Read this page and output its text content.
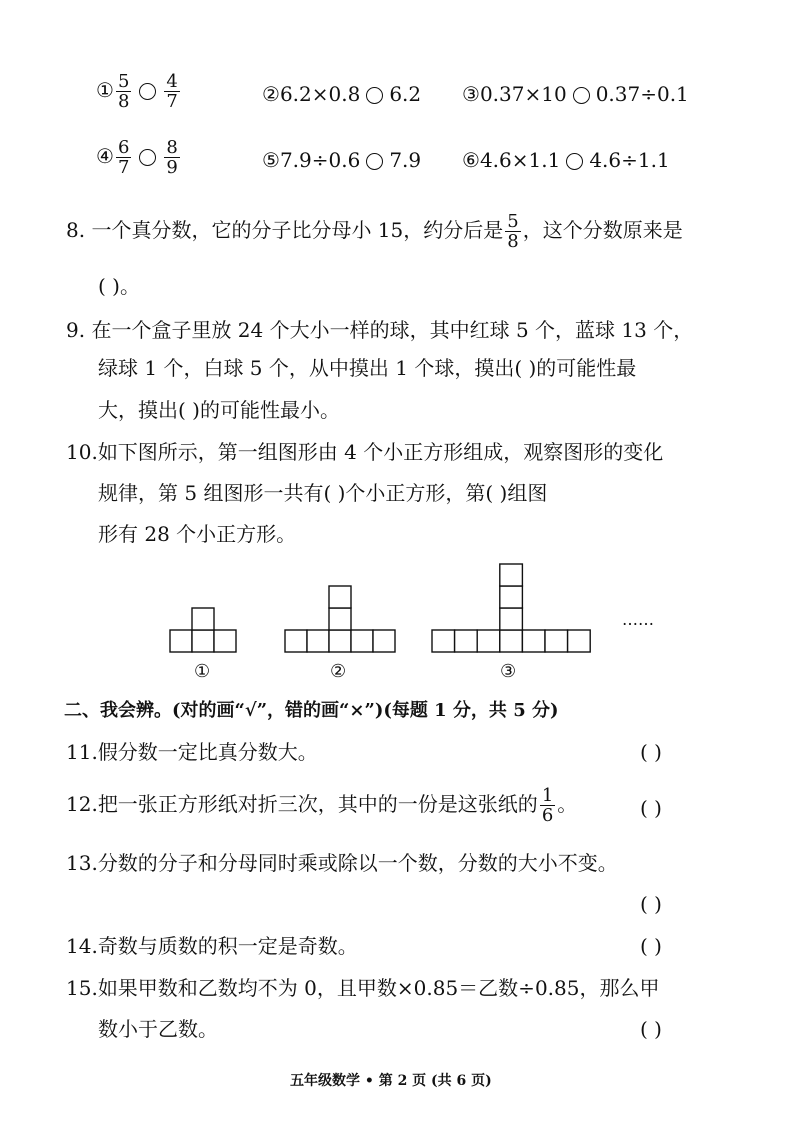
① $\frac{5}{8} \frac{4}{7}$	②6.2×0.8 6.2 ③0.37×10 0.37÷0.1
④ $\frac{6}{7} \frac{8}{9}$	⑤7.9÷0.6 7.9 ⑥4.6×1.1 4.6÷1.1
8. 一个真分数，它的分子比分母小 15，约分后是 $\frac{5}{8}$ ，这个分数原来是
( )。
9. 在一个盒子里放 24 个大小一样的球，其中红球 5 个，蓝球 13 个，
绿球 1 个，白球 5 个，从中摸出 1 个球，摸出( )的可能性最
大，摸出( )的可能性最小。
10.如下图所示，第一组图形由 4 个小正方形组成，观察图形的变化
规律，第 5 组图形一共有( )个小正方形，第( )组图
形有 28 个小正方形。
①	②	③
……
二、我会辨。(对的画“√”，错的画“×”)(每题 1 分，共 5 分)
11.假分数一定比真分数大。	( )
12.把一张正方形纸对折三次，其中的一份是这张纸的 $\frac{1}{6}$ 。	( )
13.分数的分子和分母同时乘或除以一个数，分数的大小不变。
( )
14.奇数与质数的积一定是奇数。	( )
15.如果甲数和乙数均不为 0，且甲数×0.85＝乙数÷0.85，那么甲
数小于乙数。	( )
五年级数学 • 第 2 页 (共 6 页)
